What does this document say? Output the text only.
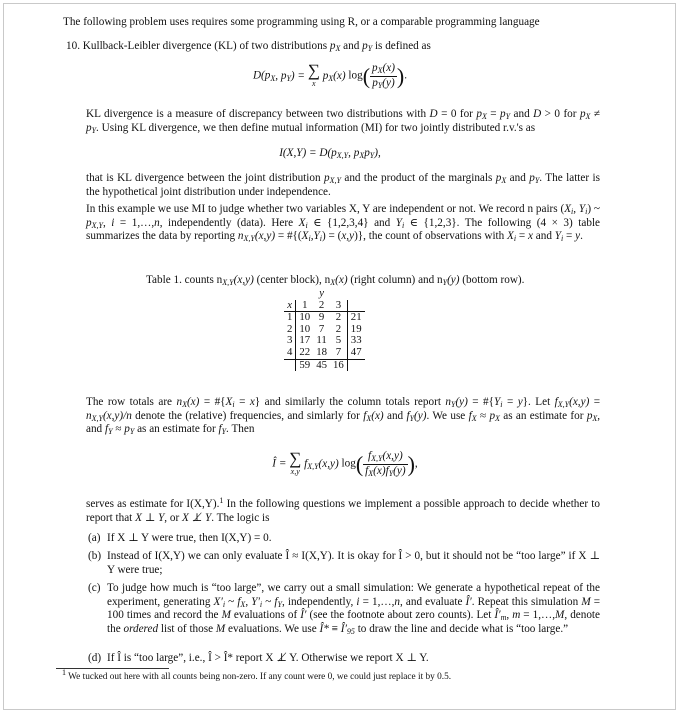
The following problem uses requires some programming using R, or a comparable programming language
10. Kullback-Leibler divergence (KL) of two distributions $p_X$ and $p_Y$ is defined as
$D(p_X$, $p_Y$) = ∑
x
$p_X(x)$ $\log( \frac{p_X(x)}{p_Y(y)}$ ).
KL divergence is a measure of discrepancy between two distributions with D = 0 for $p_X = p_Y$ and D > 0 for $p_X \ne p_Y$. Using KL divergence, we then define mutual information (MI) for two jointly distributed r.v.'s as
$I(X,Y) = D(p_{X,Y}$, $p_Xp_Y$),
that is KL divergence between the joint distribution $p_{X,Y}$ and the product of the marginals $p_X$ and $p_Y$. The latter is the hypothetical joint distribution under independence.
In this example we use MI to judge whether two variables X, Y are independent or not. We record n pairs ($X_i$, $Y_i$) ~ $p_{X,Y}$, i = 1,…,n, independently (data). Here $X_i$ ∈ {1,2,3,4} and $Y_i$ ∈ {1,2,3}. The following (4 × 3) table summarizes the data by reporting $n_{X,Y}(x,y)$ = $\#\{(X_i,Y_i) = (x,y)\}$, the count of observations with $X_i = x$ and $Y_i = y$.
Table 1. counts $n_{X,Y}(x,y)$ (center block), $n_X(x)$ (right column) and $n_Y(y)$ (bottom row).
		y		
x	1	2	3	
1	10	9	2	21
2	10	7	2	19
3	17	11	5	33
4	22	18	7	47
	59	45	16	
The row totals are $n_X(x)$ = $\#\{X_i = x\}$ and similarly the column totals report $n_Y(y)$ = $\#\{Y_i = y\}$. Let $f_{X,Y}(x,y) = n_{X,Y}(x,y)/n$ denote the (relative) frequencies, and simlarly for $f_X(x)$ and $f_Y(y)$. We use $f_X \approx p_X$ as an estimate for $p_X$, and $f_Y \approx p_Y$ as an estimate for $f_Y$. Then
Î = ∑
x,y
$f_{X,Y}(x,y)$ $\log( \frac{f_{X,Y}(x,y)}{f_X(x)f_Y(y)}$ ),
serves as estimate for I(X,Y).$^1$ In the following questions we implement a possible approach to decide whether to report that X ⊥ Y, or X ⊥̸ Y. The logic is
(a) If X ⊥ Y were true, then I(X,Y) = 0.
(b) Instead of I(X,Y) we can only evaluate Î ≈ I(X,Y). It is okay for Î > 0, but it should not be “too large” if X ⊥ Y were true;
(c) To judge how much is “too large”, we carry out a small simulation: We generate a hypothetical repeat of the experiment, generating $X'_i$ ~ $f_X$, $Y'_i$ ~ $f_Y$, independently, i = 1,…,n, and evaluate Î′. Repeat this simulation M = 100 times and record the M evaluations of Î′ (see the footnote about zero counts). Let $Î'_m$, m = 1,…,M, denote the ordered list of those M evaluations. We use Î* ≡ $Î'_{95}$ to draw the line and decide what is “too large.”
(d) If Î is “too large”, i.e., Î > Î* report X ⊥̸ Y. Otherwise we report X ⊥ Y.
$^1$ We tucked out here with all counts being non-zero. If any count were 0, we could just replace it by 0.5.
